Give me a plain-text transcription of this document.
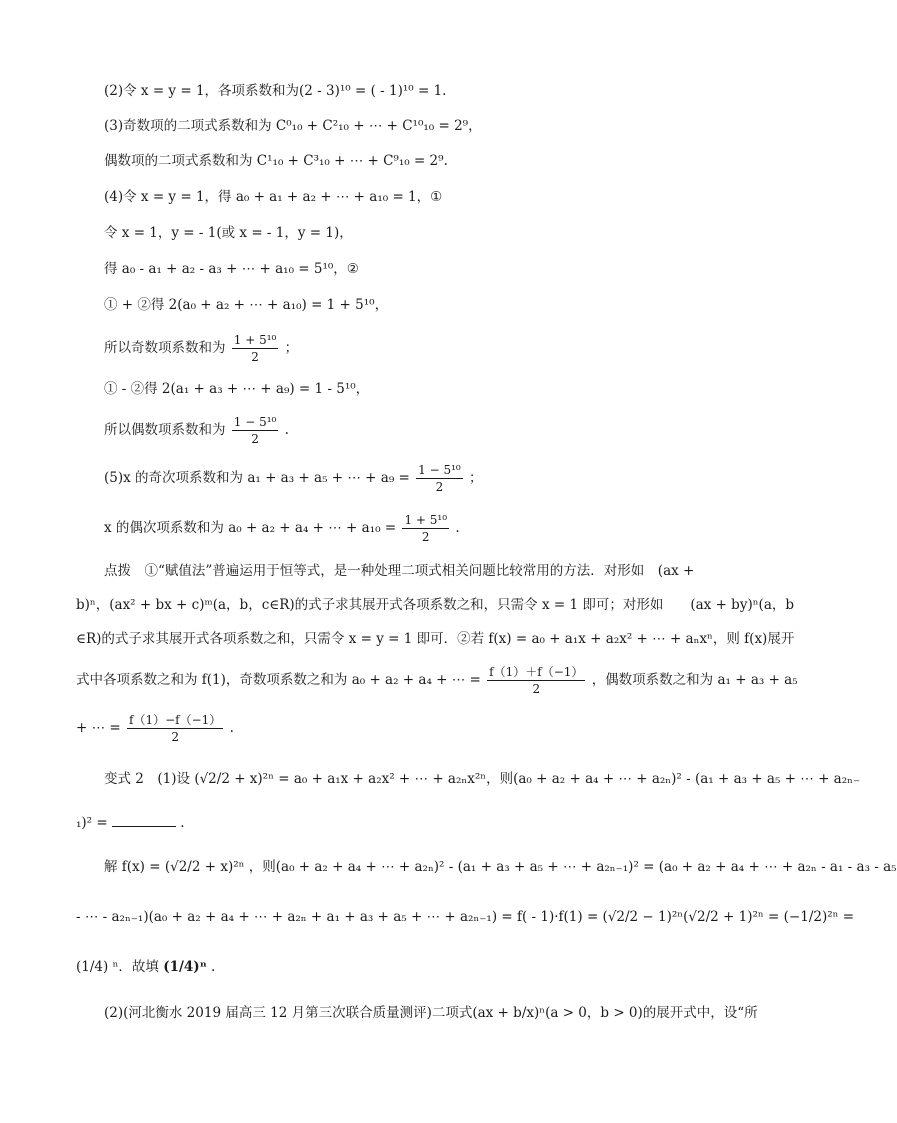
(2)令 x = y = 1，各项系数和为(2 - 3)¹⁰ = ( - 1)¹⁰ = 1.
(3)奇数项的二项式系数和为 C⁰₁₀ + C²₁₀ + ⋯ + C¹⁰₁₀ = 2⁹，
偶数项的二项式系数和为 C¹₁₀ + C³₁₀ + ⋯ + C⁹₁₀ = 2⁹.
(4)令 x = y = 1，得 a₀ + a₁ + a₂ + ⋯ + a₁₀ = 1，①
令 x = 1，y = - 1(或 x = - 1，y = 1)，
得 a₀ - a₁ + a₂ - a₃ + ⋯ + a₁₀ = 5¹⁰，②
① + ②得 2(a₀ + a₂ + ⋯ + a₁₀) = 1 + 5¹⁰，
所以奇数项系数和为 $\frac{\text{1 + 5¹⁰}}{2}$ ；
① - ②得 2(a₁ + a₃ + ⋯ + a₉) = 1 - 5¹⁰，
所以偶数项系数和为 $\frac{\text{1 − 5¹⁰}}{2}$ .
(5)x 的奇次项系数和为 a₁ + a₃ + a₅ + ⋯ + $a_9 = \frac{\text{1 − 5¹⁰}}{2}$ ；
x 的偶次项系数和为 a₀ + a₂ + a₄ + ⋯ + $a_{10} = \frac{\text{1 + 5¹⁰}}{2}$ .
点拨　①“赋值法”普遍运用于恒等式，是一种处理二项式相关问题比较常用的方法．对形如　(ax +
b)ⁿ，(ax² + bx + c)ᵐ(a，b，c∈R)的式子求其展开式各项系数之和，只需令 x = 1 即可；对形如　　(ax + by)ⁿ(a，b
∈R)的式子求其展开式各项系数之和，只需令 x = y = 1 即可．②若 f(x) = a₀ + a₁x + a₂x² + ⋯ + aₙxⁿ，则 f(x)展开
式中各项系数之和为 f(1)，奇数项系数之和为 a₀ + a₂ + a₄ + ⋯ = $\frac{f(1)+f(-1)}{2}$ ，偶数项系数之和为 a₁ + a₃ + a₅
+ ⋯ = $\frac{f(1)-f(-1)}{2}$ .
变式 2　(1)设 (√2/2 + x)²ⁿ = a₀ + a₁x + a₂x² + ⋯ + a₂ₙx²ⁿ，则(a₀ + a₂ + a₄ + ⋯ + a₂ₙ)² - (a₁ + a₃ + a₅ + ⋯ + a₂ₙ₋
₁)² =	.
解 f(x) = (√2/2 + x)²ⁿ ，则(a₀ + a₂ + a₄ + ⋯ + a₂ₙ)² - (a₁ + a₃ + a₅ + ⋯ + a₂ₙ₋₁)² = (a₀ + a₂ + a₄ + ⋯ + a₂ₙ - a₁ - a₃ - a₅
- ⋯ - a₂ₙ₋₁)(a₀ + a₂ + a₄ + ⋯ + a₂ₙ + a₁ + a₃ + a₅ + ⋯ + a₂ₙ₋₁) = f( - 1)·f(1) = (√2/2 − 1)²ⁿ(√2/2 + 1)²ⁿ = (−1/2)²ⁿ =
(1/4) ⁿ．故填 (1/4)ⁿ .
(2)(河北衡水 2019 届高三 12 月第三次联合质量测评)二项式(ax + b/x)ⁿ(a > 0，b > 0)的展开式中，设“所
